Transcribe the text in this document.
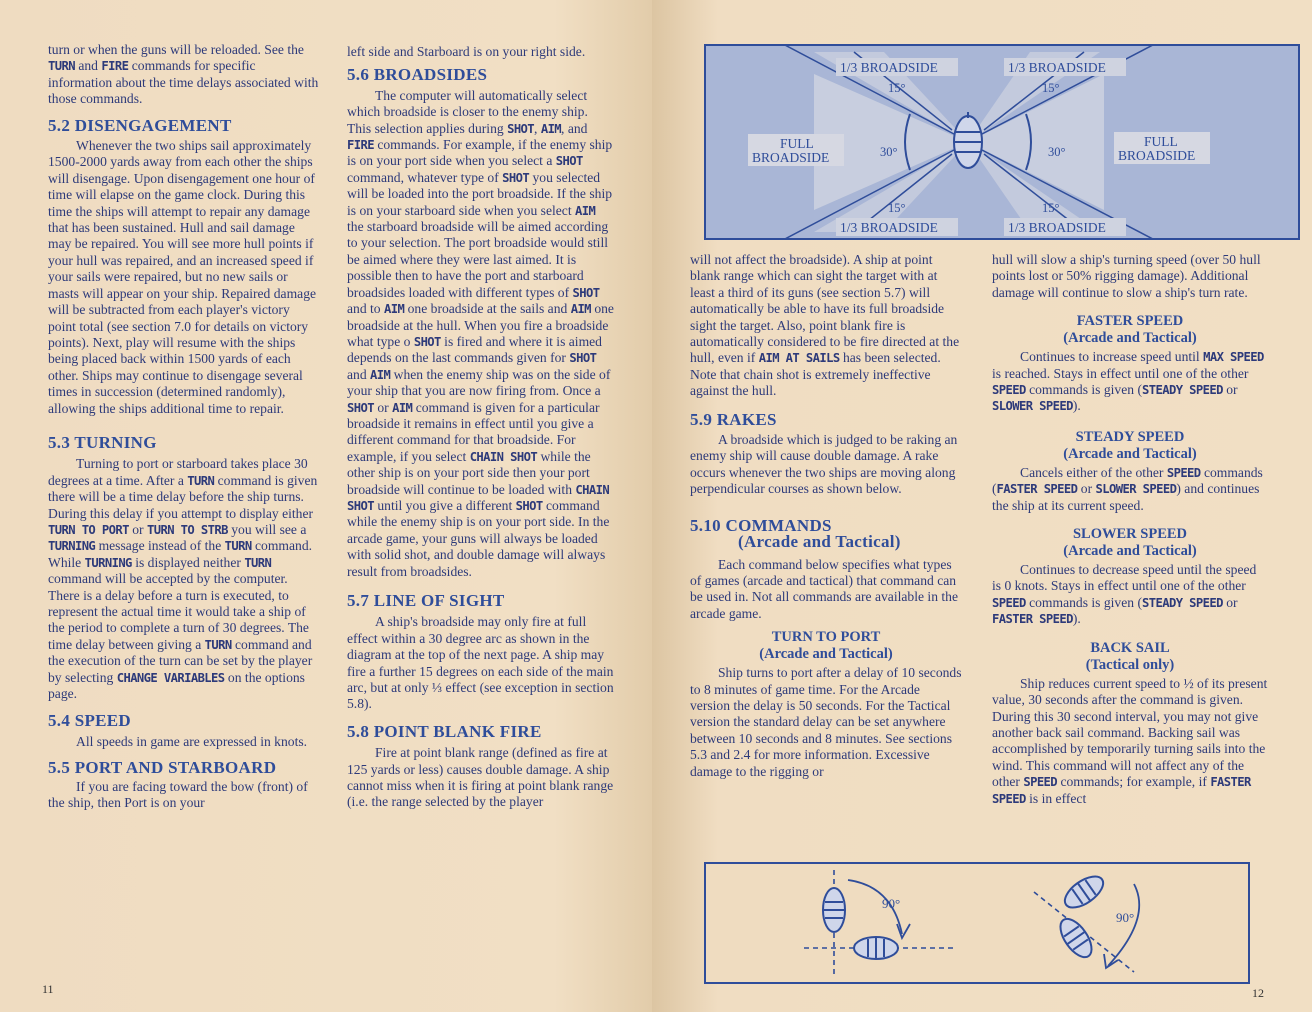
turn or when the guns will be reloaded. See the TURN and FIRE commands for specific information about the time delays associated with those commands.

5.2 DISENGAGEMENT

Whenever the two ships sail approximately 1500-2000 yards away from each other the ships will disengage. Upon disengagement one hour of time will elapse on the game clock. During this time the ships will attempt to repair any damage that has been sustained. Hull and sail damage may be repaired. You will see more hull points if your hull was repaired, and an increased speed if your sails were repaired, but no new sails or masts will appear on your ship. Repaired damage will be subtracted from each player's victory point total (see section 7.0 for details on victory points). Next, play will resume with the ships being placed back within 1500 yards of each other. Ships may continue to disengage several times in succession (determined randomly), allowing the ships additional time to repair.

5.3 TURNING

Turning to port or starboard takes place 30 degrees at a time. After a TURN command is given there will be a time delay before the ship turns. During this delay if you attempt to display either TURN TO PORT or TURN TO STRB you will see a TURNING message instead of the TURN command. While TURNING is displayed neither TURN command will be accepted by the computer. There is a delay before a turn is executed, to represent the actual time it would take a ship of the period to complete a turn of 30 degrees. The time delay between giving a TURN command and the execution of the turn can be set by the player by selecting CHANGE VARIABLES on the options page.

5.4 SPEED

All speeds in game are expressed in knots.

5.5 PORT AND STARBOARD

If you are facing toward the bow (front) of the ship, then Port is on your

left side and Starboard is on your right side.

5.6 BROADSIDES

The computer will automatically select which broadside is closer to the enemy ship. This selection applies during SHOT, AIM, and FIRE commands. For example, if the enemy ship is on your port side when you select a SHOT command, whatever type of SHOT you selected will be loaded into the port broadside. If the ship is on your starboard side when you select AIM the starboard broadside will be aimed according to your selection. The port broadside would still be aimed where they were last aimed. It is possible then to have the port and starboard broadsides loaded with different types of SHOT and to AIM one broadside at the sails and AIM one broadside at the hull. When you fire a broadside what type o SHOT is fired and where it is aimed depends on the last commands given for SHOT and AIM when the enemy ship was on the side of your ship that you are now firing from. Once a SHOT or AIM command is given for a particular broadside it remains in effect until you give a different command for that broadside. For example, if you select CHAIN SHOT while the other ship is on your port side then your port broadside will continue to be loaded with CHAIN SHOT until you give a different SHOT command while the enemy ship is on your port side. In the arcade game, your guns will always be loaded with solid shot, and double damage will always result from broadsides.

5.7 LINE OF SIGHT

A ship's broadside may only fire at full effect within a 30 degree arc as shown in the diagram at the top of the next page. A ship may fire a further 15 degrees on each side of the main arc, but at only ⅓ effect (see exception in section 5.8).

5.8 POINT BLANK FIRE

Fire at point blank range (defined as fire at 125 yards or less) causes double damage. A ship cannot miss when it is firing at point blank range (i.e. the range selected by the player

11
1/3 BROADSIDE	1/3 BROADSIDE
1/3 BROADSIDE	1/3 BROADSIDE
FULL
BROADSIDE
FULL
BROADSIDE
15°	15°
15°	15°
30°	30°

will not affect the broadside). A ship at point blank range which can sight the target with at least a third of its guns (see section 5.7) will automatically be able to have its full broadside sight the target. Also, point blank fire is automatically considered to be fire directed at the hull, even if AIM AT SAILS has been selected. Note that chain shot is extremely ineffective against the hull.

5.9 RAKES

A broadside which is judged to be raking an enemy ship will cause double damage. A rake occurs whenever the two ships are moving along perpendicular courses as shown below.

5.10 COMMANDS

(Arcade and Tactical)

Each command below specifies what types of games (arcade and tactical) that command can be used in. Not all commands are available in the arcade game.

TURN TO PORT

(Arcade and Tactical)

Ship turns to port after a delay of 10 seconds to 8 minutes of game time. For the Arcade version the delay is 50 seconds. For the Tactical version the standard delay can be set anywhere between 10 seconds and 8 minutes. See sections 5.3 and 2.4 for more information. Excessive damage to the rigging or

hull will slow a ship's turning speed (over 50 hull points lost or 50% rigging damage). Additional damage will continue to slow a ship's turn rate.

FASTER SPEED

(Arcade and Tactical)

Continues to increase speed until MAX SPEED is reached. Stays in effect until one of the other SPEED commands is given (STEADY SPEED or SLOWER SPEED).

STEADY SPEED

(Arcade and Tactical)

Cancels either of the other SPEED commands (FASTER SPEED or SLOWER SPEED) and continues the ship at its current speed.

SLOWER SPEED

(Arcade and Tactical)

Continues to decrease speed until the speed is 0 knots. Stays in effect until one of the other SPEED commands is given (STEADY SPEED or FASTER SPEED).

BACK SAIL

(Tactical only)

Ship reduces current speed to ½ of its present value, 30 seconds after the command is given. During this 30 second interval, you may not give another back sail command. Backing sail was accomplished by temporarily turning sails into the wind. This command will not affect any of the other SPEED commands; for example, if FASTER SPEED is in effect

90°
90°
12
